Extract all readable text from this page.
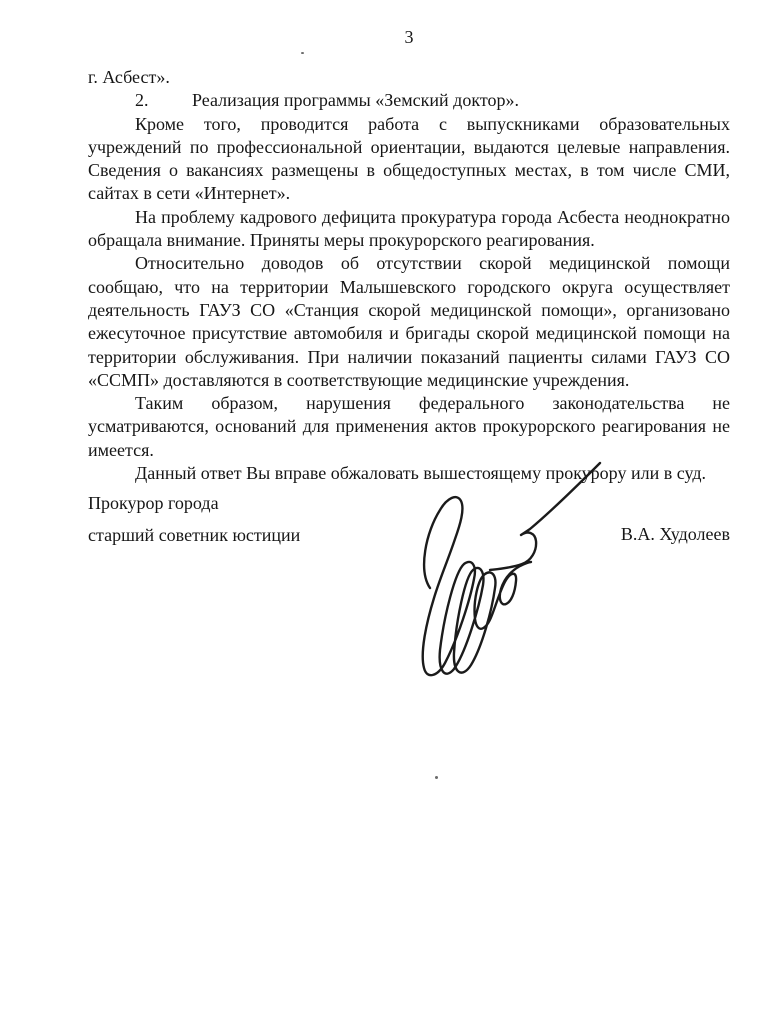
3

г. Асбест».

2. Реализация программы «Земский доктор».

Кроме того, проводится работа с выпускниками образовательных учреждений по профессиональной ориентации, выдаются целевые направления. Сведения о вакансиях размещены в общедоступных местах, в том числе СМИ, сайтах в сети «Интернет».

На проблему кадрового дефицита прокуратура города Асбеста неоднократно обращала внимание. Приняты меры прокурорского реагирования.

Относительно доводов об отсутствии скорой медицинской помощи сообщаю, что на территории Малышевского городского округа осуществляет деятельность ГАУЗ СО «Станция скорой медицинской помощи», организовано ежесуточное присутствие автомобиля и бригады скорой медицинской помощи на территории обслуживания. При наличии показаний пациенты силами ГАУЗ СО «ССМП» доставляются в соответствующие медицинские учреждения.

Таким образом, нарушения федерального законодательства не усматриваются, оснований для применения актов прокурорского реагирования не имеется.

Данный ответ Вы вправе обжаловать вышестоящему прокурору или в суд.

Прокурор города

старший советник юстиции	В.А. Худолеев
